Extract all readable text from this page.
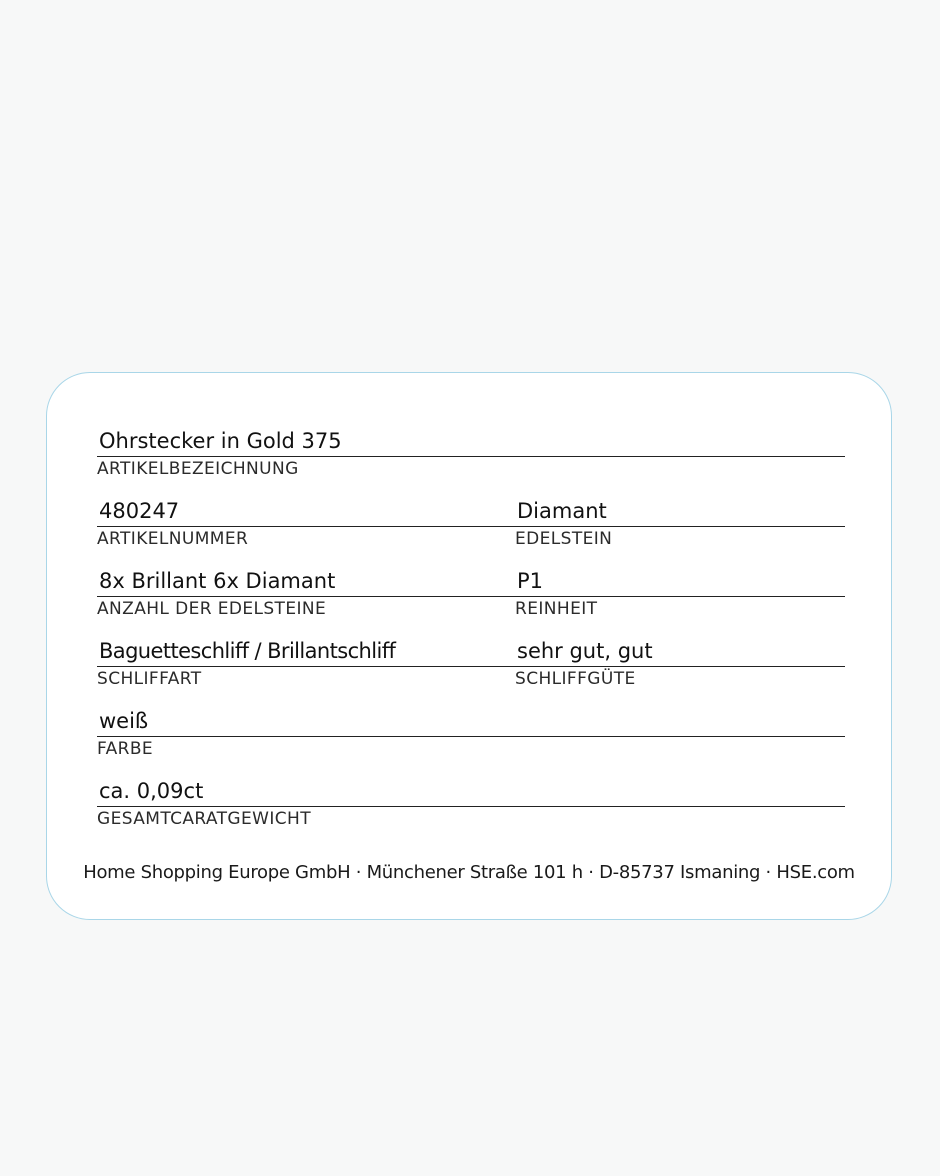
Ohrstecker in Gold 375
ARTIKELBEZEICHNUNG
480247
ARTIKELNUMMER
Diamant
EDELSTEIN
8x Brillant 6x Diamant
ANZAHL DER EDELSTEINE
P1
REINHEIT
Baguetteschliff / Brillantschliff
SCHLIFFART
sehr gut, gut
SCHLIFFGÜTE
weiß
FARBE
ca. 0,09ct
GESAMTCARATGEWICHT
Home Shopping Europe GmbH · Münchener Straße 101 h · D-85737 Ismaning · HSE.com
